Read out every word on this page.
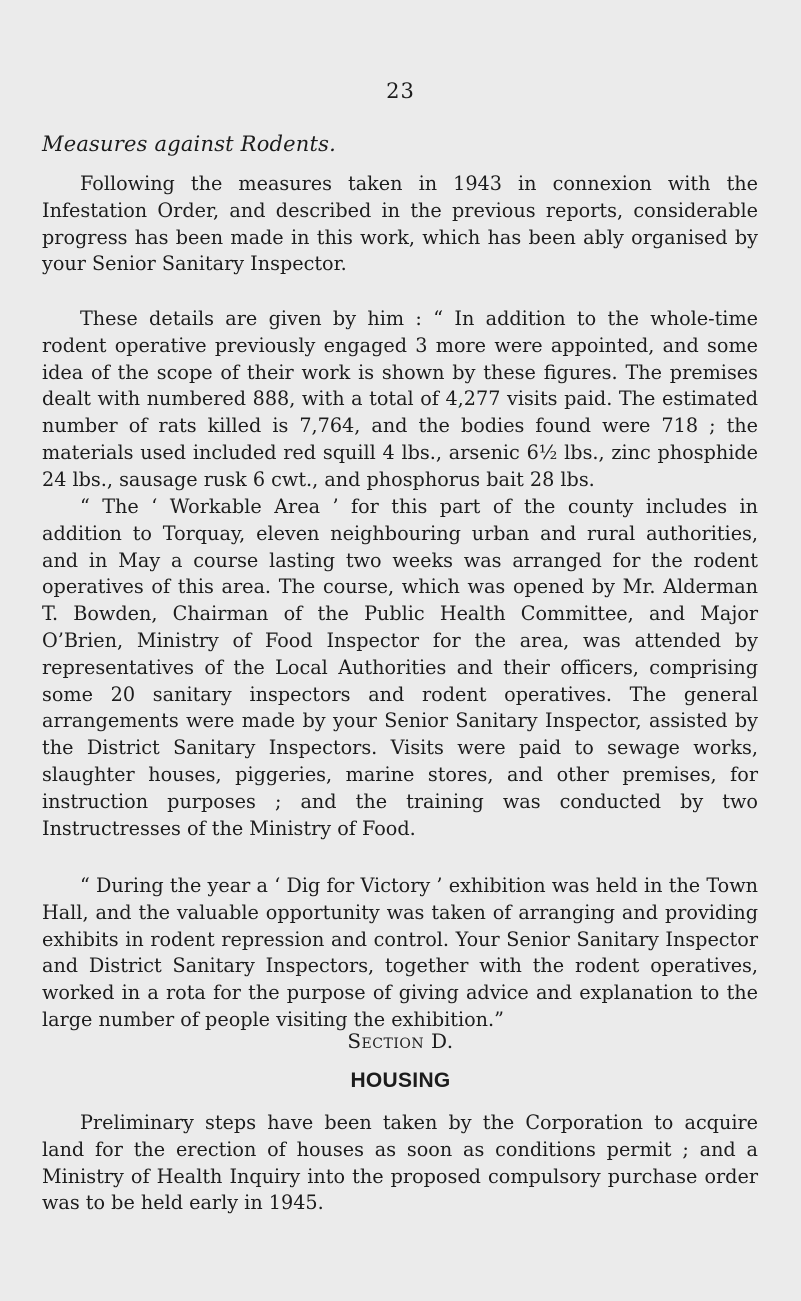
23
Measures against Rodents.

Following the measures taken in 1943 in connexion with the Infestation Order, and described in the previous reports, considerable progress has been made in this work, which has been ably organised by your Senior Sanitary Inspector.

These details are given by him : “ In addition to the whole-time rodent operative previously engaged 3 more were appointed, and some idea of the scope of their work is shown by these figures. The premises dealt with numbered 888, with a total of 4,277 visits paid. The estimated number of rats killed is 7,764, and the bodies found were 718 ; the materials used included red squill 4 lbs., arsenic 6½ lbs., zinc phosphide 24 lbs., sausage rusk 6 cwt., and phosphorus bait 28 lbs.

“ The ‘ Workable Area ’ for this part of the county includes in addition to Torquay, eleven neighbouring urban and rural authorities, and in May a course lasting two weeks was arranged for the rodent operatives of this area. The course, which was opened by Mr. Alderman T. Bowden, Chairman of the Public Health Committee, and Major O’Brien, Ministry of Food Inspector for the area, was attended by representatives of the Local Authorities and their officers, comprising some 20 sanitary inspectors and rodent operatives. The general arrangements were made by your Senior Sanitary Inspector, assisted by the District Sanitary Inspectors. Visits were paid to sewage works, slaughter houses, piggeries, marine stores, and other premises, for instruction purposes ; and the training was conducted by two Instructresses of the Ministry of Food.

“ During the year a ‘ Dig for Victory ’ exhibition was held in the Town Hall, and the valuable opportunity was taken of arranging and providing exhibits in rodent repression and control. Your Senior Sanitary Inspector and District Sanitary Inspectors, together with the rodent operatives, worked in a rota for the purpose of giving advice and explanation to the large number of people visiting the exhibition.”

Section D.
HOUSING

Preliminary steps have been taken by the Corporation to acquire land for the erection of houses as soon as conditions permit ; and a Ministry of Health Inquiry into the proposed compulsory purchase order was to be held early in 1945.
